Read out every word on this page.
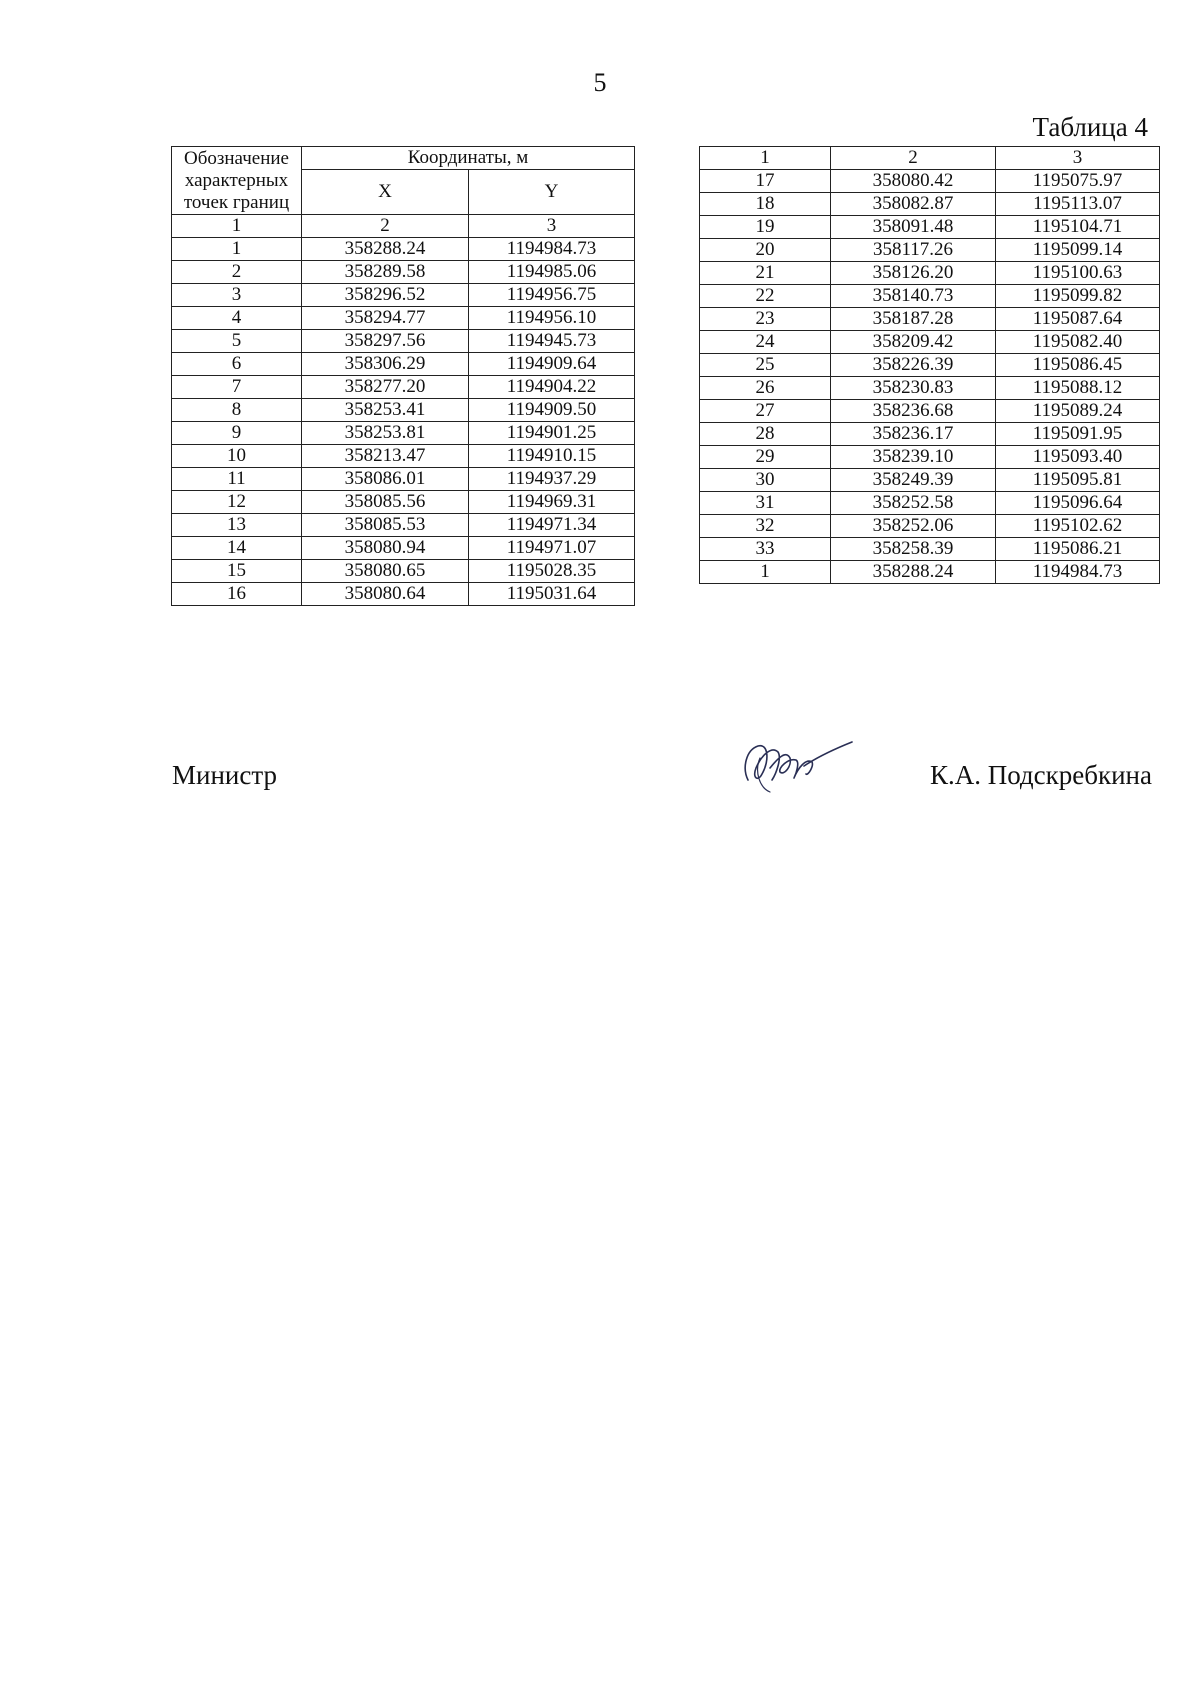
5
Таблица 4
Обозначение характерных точек границ	Координаты, м	
	X	Y
1	2	3
1	358288.24	1194984.73
2	358289.58	1194985.06
3	358296.52	1194956.75
4	358294.77	1194956.10
5	358297.56	1194945.73
6	358306.29	1194909.64
7	358277.20	1194904.22
8	358253.41	1194909.50
9	358253.81	1194901.25
10	358213.47	1194910.15
11	358086.01	1194937.29
12	358085.56	1194969.31
13	358085.53	1194971.34
14	358080.94	1194971.07
15	358080.65	1195028.35
16	358080.64	1195031.64
1	2	3
17	358080.42	1195075.97
18	358082.87	1195113.07
19	358091.48	1195104.71
20	358117.26	1195099.14
21	358126.20	1195100.63
22	358140.73	1195099.82
23	358187.28	1195087.64
24	358209.42	1195082.40
25	358226.39	1195086.45
26	358230.83	1195088.12
27	358236.68	1195089.24
28	358236.17	1195091.95
29	358239.10	1195093.40
30	358249.39	1195095.81
31	358252.58	1195096.64
32	358252.06	1195102.62
33	358258.39	1195086.21
1	358288.24	1194984.73
Министр	К.А. Подскребкина
